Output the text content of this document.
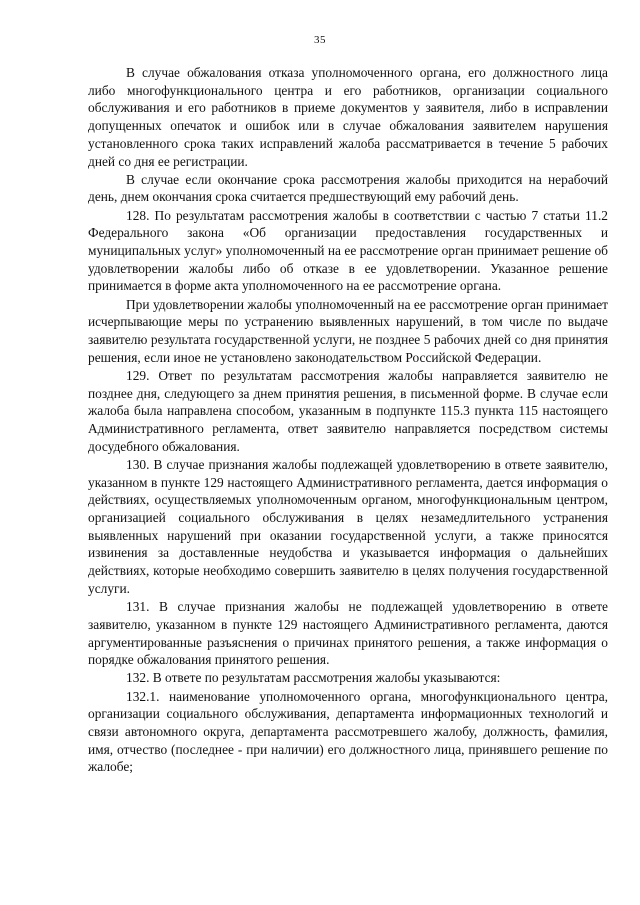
35

В случае обжалования отказа уполномоченного органа, его должностного лица либо многофункционального центра и его работников, организации социального обслуживания и его работников в приеме документов у заявителя, либо в исправлении допущенных опечаток и ошибок или в случае обжалования заявителем нарушения установленного срока таких исправлений жалоба рассматривается в течение 5 рабочих дней со дня ее регистрации.

В случае если окончание срока рассмотрения жалобы приходится на нерабочий день, днем окончания срока считается предшествующий ему рабочий день.

128. По результатам рассмотрения жалобы в соответствии с частью 7 статьи 11.2 Федерального закона «Об организации предоставления государственных и муниципальных услуг» уполномоченный на ее рассмотрение орган принимает решение об удовлетворении жалобы либо об отказе в ее удовлетворении. Указанное решение принимается в форме акта уполномоченного на ее рассмотрение органа.

При удовлетворении жалобы уполномоченный на ее рассмотрение орган принимает исчерпывающие меры по устранению выявленных нарушений, в том числе по выдаче заявителю результата государственной услуги, не позднее 5 рабочих дней со дня принятия решения, если иное не установлено законодательством Российской Федерации.

129. Ответ по результатам рассмотрения жалобы направляется заявителю не позднее дня, следующего за днем принятия решения, в письменной форме. В случае если жалоба была направлена способом, указанным в подпункте 115.3 пункта 115 настоящего Административного регламента, ответ заявителю направляется посредством системы досудебного обжалования.

130. В случае признания жалобы подлежащей удовлетворению в ответе заявителю, указанном в пункте 129 настоящего Административного регламента, дается информация о действиях, осуществляемых уполномоченным органом, многофункциональным центром, организацией социального обслуживания в целях незамедлительного устранения выявленных нарушений при оказании государственной услуги, а также приносятся извинения за доставленные неудобства и указывается информация о дальнейших действиях, которые необходимо совершить заявителю в целях получения государственной услуги.

131. В случае признания жалобы не подлежащей удовлетворению в ответе заявителю, указанном в пункте 129 настоящего Административного регламента, даются аргументированные разъяснения о причинах принятого решения, а также информация о порядке обжалования принятого решения.

132. В ответе по результатам рассмотрения жалобы указываются:

132.1. наименование уполномоченного органа, многофункционального центра, организации социального обслуживания, департамента информационных технологий и связи автономного округа, департамента рассмотревшего жалобу, должность, фамилия, имя, отчество (последнее - при наличии) его должностного лица, принявшего решение по жалобе;
